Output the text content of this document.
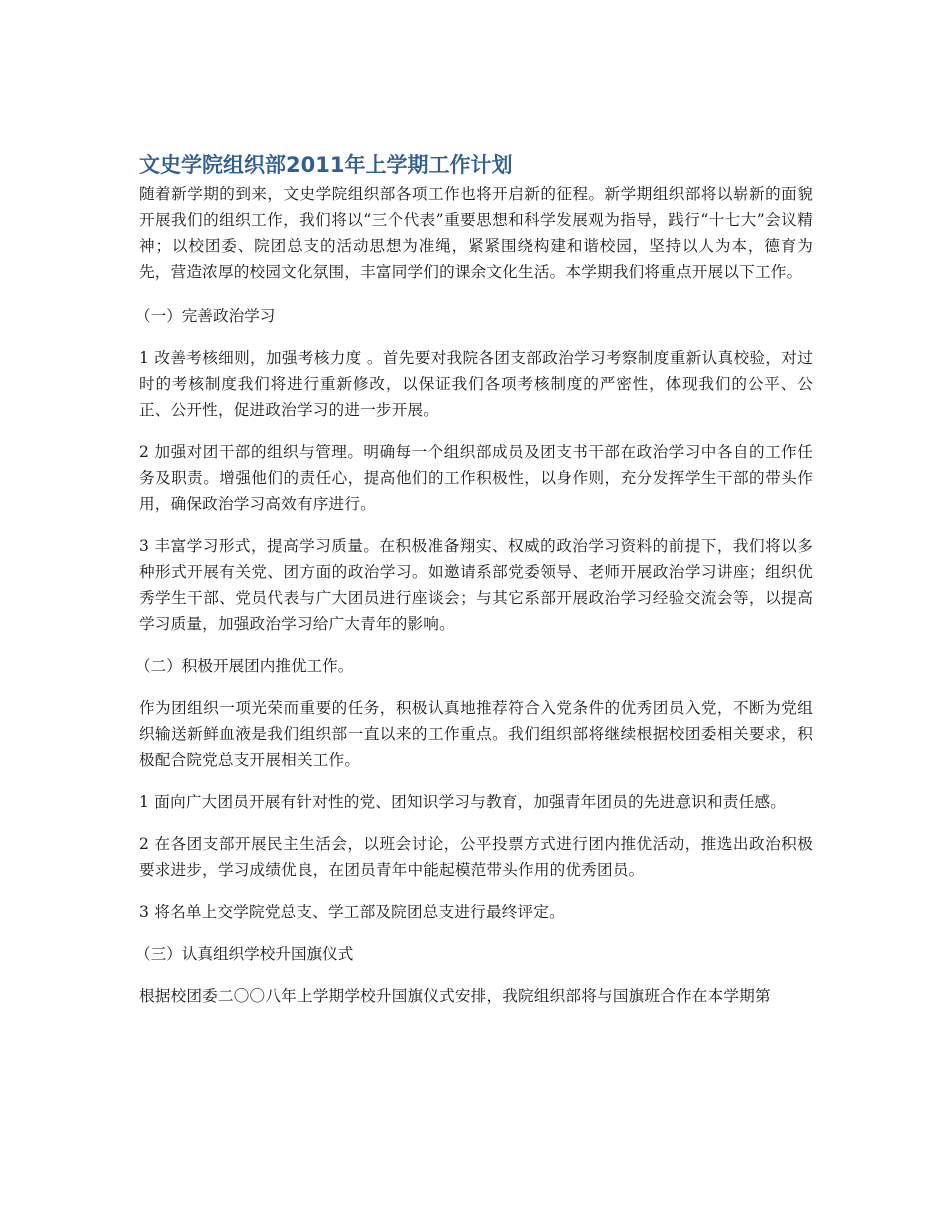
文史学院组织部2011年上学期工作计划

随着新学期的到来，文史学院组织部各项工作也将开启新的征程。新学期组织部将以崭新的面貌开展我们的组织工作，我们将以“三个代表”重要思想和科学发展观为指导，践行“十七大”会议精神；以校团委、院团总支的活动思想为准绳，紧紧围绕构建和谐校园，坚持以人为本，德育为先，营造浓厚的校园文化氛围，丰富同学们的课余文化生活。本学期我们将重点开展以下工作。

（一）完善政治学习

1 改善考核细则，加强考核力度 。首先要对我院各团支部政治学习考察制度重新认真校验，对过时的考核制度我们将进行重新修改，以保证我们各项考核制度的严密性，体现我们的公平、公正、公开性，促进政治学习的进一步开展。

2 加强对团干部的组织与管理。明确每一个组织部成员及团支书干部在政治学习中各自的工作任务及职责。增强他们的责任心，提高他们的工作积极性，以身作则，充分发挥学生干部的带头作用，确保政治学习高效有序进行。

3 丰富学习形式，提高学习质量。在积极准备翔实、权威的政治学习资料的前提下，我们将以多种形式开展有关党、团方面的政治学习。如邀请系部党委领导、老师开展政治学习讲座；组织优秀学生干部、党员代表与广大团员进行座谈会；与其它系部开展政治学习经验交流会等，以提高学习质量，加强政治学习给广大青年的影响。

（二）积极开展团内推优工作。

作为团组织一项光荣而重要的任务，积极认真地推荐符合入党条件的优秀团员入党，不断为党组织输送新鲜血液是我们组织部一直以来的工作重点。我们组织部将继续根据校团委相关要求，积极配合院党总支开展相关工作。

1 面向广大团员开展有针对性的党、团知识学习与教育，加强青年团员的先进意识和责任感。

2 在各团支部开展民主生活会，以班会讨论，公平投票方式进行团内推优活动，推选出政治积极要求进步，学习成绩优良，在团员青年中能起模范带头作用的优秀团员。

3 将名单上交学院党总支、学工部及院团总支进行最终评定。

（三）认真组织学校升国旗仪式

根据校团委二〇〇八年上学期学校升国旗仪式安排，我院组织部将与国旗班合作在本学期第
